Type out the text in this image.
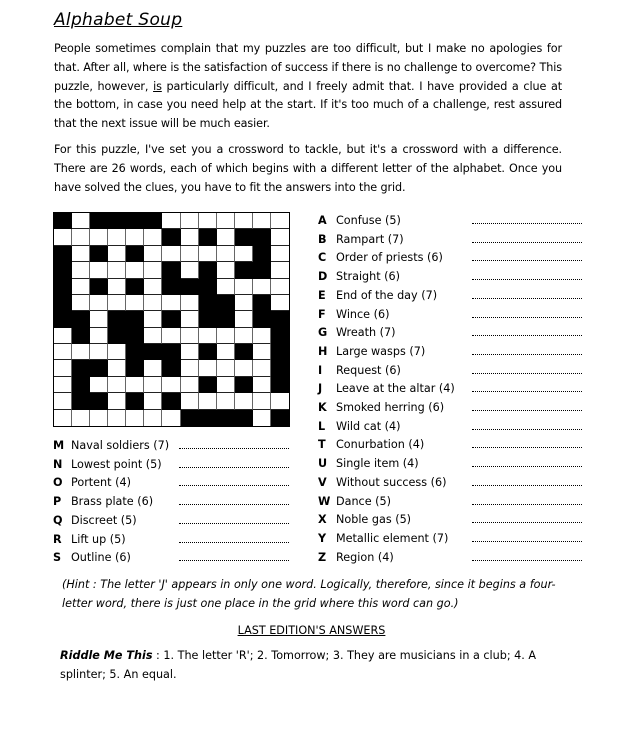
Alphabet Soup
People sometimes complain that my puzzles are too difficult, but I make no apologies for that. After all, where is the satisfaction of success if there is no challenge to overcome? This puzzle, however, is particularly difficult, and I freely admit that. I have provided a clue at the bottom, in case you need help at the start. If it's too much of a challenge, rest assured that the next issue will be much easier.
For this puzzle, I've set you a crossword to tackle, but it's a crossword with a difference. There are 26 words, each of which begins with a different letter of the alphabet. Once you have solved the clues, you have to fit the answers into the grid.
A Confuse (5)
B Rampart (7)
C Order of priests (6)
D Straight (6)
E End of the day (7)
F Wince (6)
G Wreath (7)
H Large wasps (7)
I	Request (6)
J	Leave at the altar (4)
K Smoked herring (6)
L Wild cat (4)
T Conurbation (4)
U Single item (4)
V Without success (6)
W Dance (5)
X Noble gas (5)
Y Metallic element (7)
Z Region (4)
M Naval soldiers (7)
N Lowest point (5)
O Portent (4)
P Brass plate (6)
Q Discreet (5)
R Lift up (5)
S Outline (6)
(Hint : The letter 'J' appears in only one word. Logically, therefore, since it begins a four-letter word, there is just one place in the grid where this word can go.)
LAST EDITION'S ANSWERS
Riddle Me This : 1. The letter 'R'; 2. Tomorrow; 3. They are musicians in a club; 4. A splinter; 5. An equal.
